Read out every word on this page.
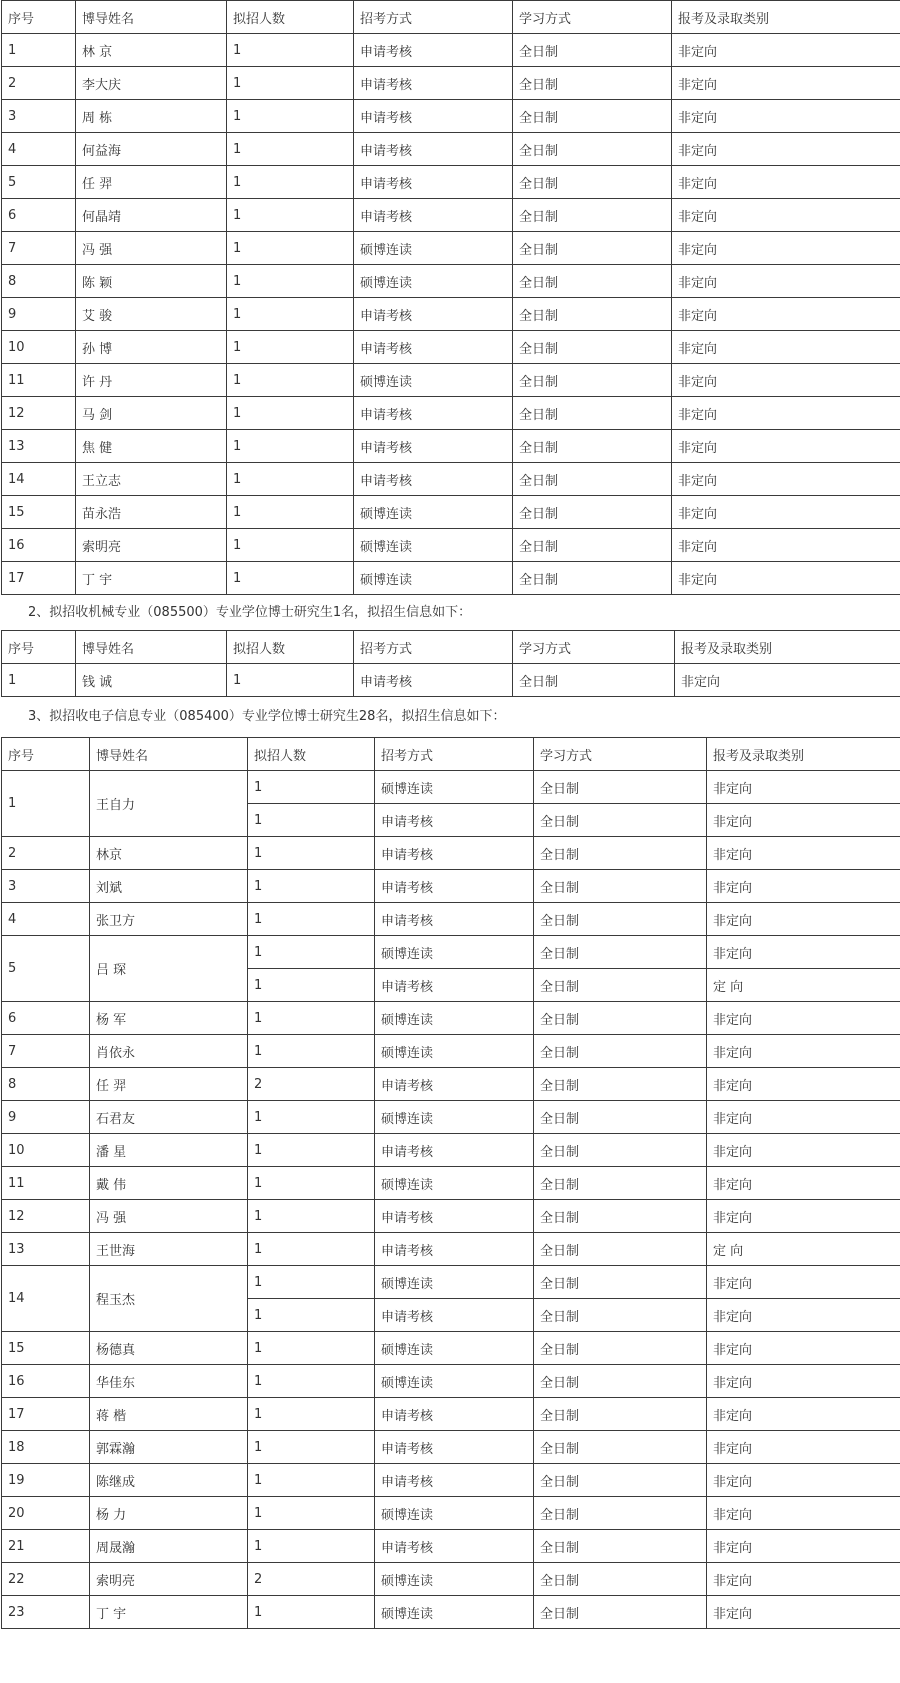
序号	博导姓名	拟招人数	招考方式	学习方式	报考及录取类别
1	林 京	1	申请考核	全日制	非定向
2	李大庆	1	申请考核	全日制	非定向
3	周 栋	1	申请考核	全日制	非定向
4	何益海	1	申请考核	全日制	非定向
5	任 羿	1	申请考核	全日制	非定向
6	何晶靖	1	申请考核	全日制	非定向
7	冯 强	1	硕博连读	全日制	非定向
8	陈 颖	1	硕博连读	全日制	非定向
9	艾 骏	1	申请考核	全日制	非定向
10	孙 博	1	申请考核	全日制	非定向
11	许 丹	1	硕博连读	全日制	非定向
12	马 剑	1	申请考核	全日制	非定向
13	焦 健	1	申请考核	全日制	非定向
14	王立志	1	申请考核	全日制	非定向
15	苗永浩	1	硕博连读	全日制	非定向
16	索明亮	1	硕博连读	全日制	非定向
17	丁 宇	1	硕博连读	全日制	非定向
2、拟招收机械专业（085500）专业学位博士研究生1名，拟招生信息如下：
序号	博导姓名	拟招人数	招考方式	学习方式	报考及录取类别
1	钱 诚	1	申请考核	全日制	非定向
3、拟招收电子信息专业（085400）专业学位博士研究生28名，拟招生信息如下：
序号	博导姓名	拟招人数	招考方式	学习方式	报考及录取类别
1	王自力	1	硕博连读	全日制	非定向
		1	申请考核	全日制	非定向
2	林京	1	申请考核	全日制	非定向
3	刘斌	1	申请考核	全日制	非定向
4	张卫方	1	申请考核	全日制	非定向
5	吕 琛	1	硕博连读	全日制	非定向
		1	申请考核	全日制	定 向
6	杨 军	1	硕博连读	全日制	非定向
7	肖依永	1	硕博连读	全日制	非定向
8	任 羿	2	申请考核	全日制	非定向
9	石君友	1	硕博连读	全日制	非定向
10	潘 星	1	申请考核	全日制	非定向
11	戴 伟	1	硕博连读	全日制	非定向
12	冯 强	1	申请考核	全日制	非定向
13	王世海	1	申请考核	全日制	定 向
14	程玉杰	1	硕博连读	全日制	非定向
		1	申请考核	全日制	非定向
15	杨德真	1	硕博连读	全日制	非定向
16	华佳东	1	硕博连读	全日制	非定向
17	蒋 楷	1	申请考核	全日制	非定向
18	郭霖瀚	1	申请考核	全日制	非定向
19	陈继成	1	申请考核	全日制	非定向
20	杨 力	1	硕博连读	全日制	非定向
21	周晟瀚	1	申请考核	全日制	非定向
22	索明亮	2	硕博连读	全日制	非定向
23	丁 宇	1	硕博连读	全日制	非定向
